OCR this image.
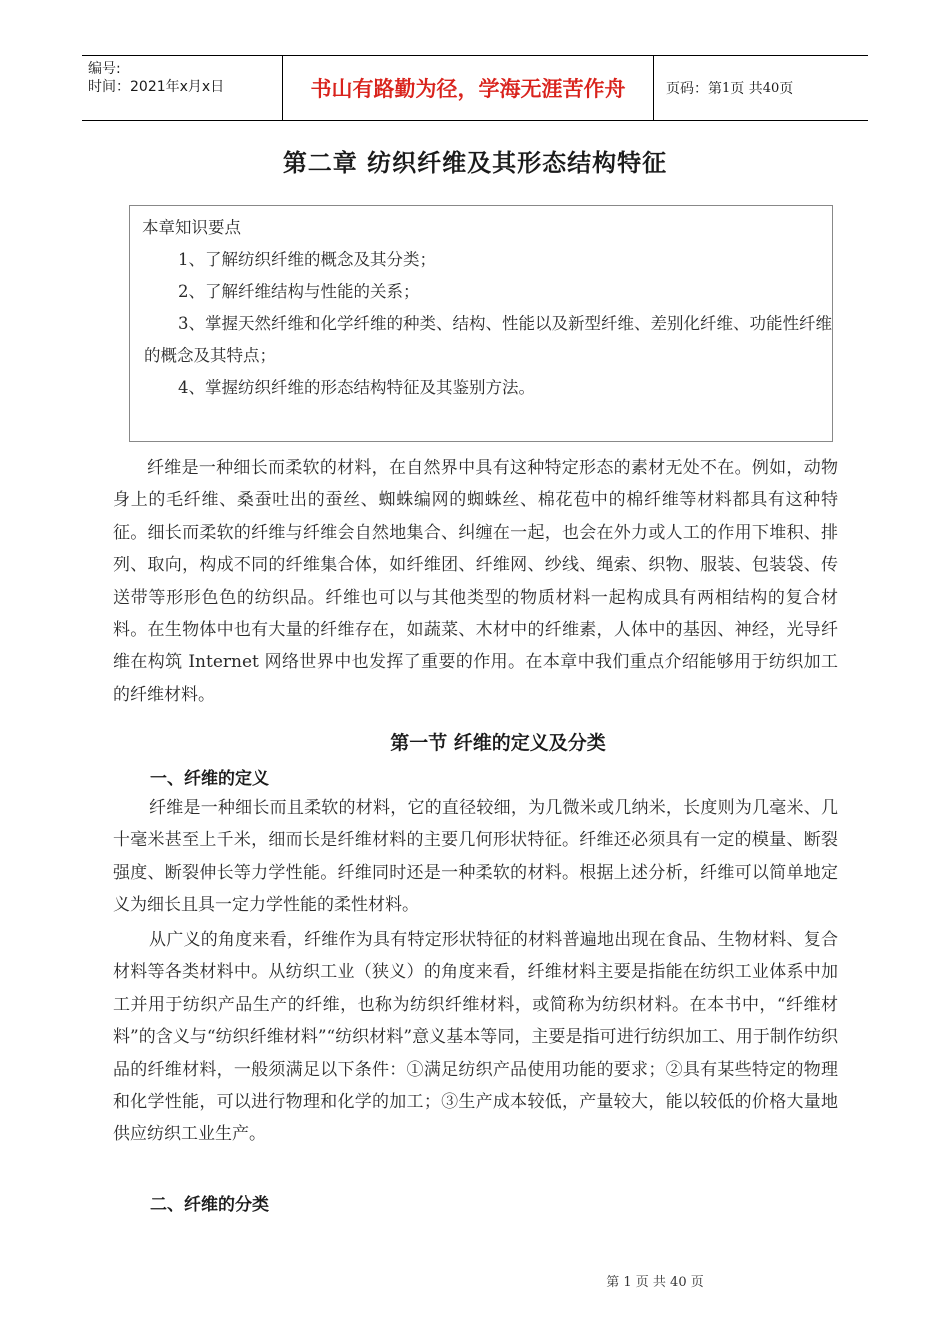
编号:
时间：2021年x月x日	书山有路勤为径，学海无涯苦作舟	页码：第 1 页 共 40 页
第二章 纺织纤维及其形态结构特征
本章知识要点
1、了解纺织纤维的概念及其分类；
2、了解纤维结构与性能的关系；
3、掌握天然纤维和化学纤维的种类、结构、性能以及新型纤维、差别化纤维、功能性纤维的概念及其特点；
4、掌握纺织纤维的形态结构特征及其鉴别方法。
纤维是一种细长而柔软的材料，在自然界中具有这种特定形态的素材无处不在。例如，动物身上的毛纤维、桑蚕吐出的蚕丝、蜘蛛编网的蜘蛛丝、棉花苞中的棉纤维等材料都具有这种特征。细长而柔软的纤维与纤维会自然地集合、纠缠在一起，也会在外力或人工的作用下堆积、排列、取向，构成不同的纤维集合体，如纤维团、纤维网、纱线、绳索、织物、服装、包装袋、传送带等形形色色的纺织品。纤维也可以与其他类型的物质材料一起构成具有两相结构的复合材料。在生物体中也有大量的纤维存在，如蔬菜、木材中的纤维素，人体中的基因、神经，光导纤维在构筑 Internet 网络世界中也发挥了重要的作用。在本章中我们重点介绍能够用于纺织加工的纤维材料。
第一节 纤维的定义及分类
一、纤维的定义
纤维是一种细长而且柔软的材料，它的直径较细，为几微米或几纳米，长度则为几毫米、几十毫米甚至上千米，细而长是纤维材料的主要几何形状特征。纤维还必须具有一定的模量、断裂强度、断裂伸长等力学性能。纤维同时还是一种柔软的材料。根据上述分析，纤维可以简单地定义为细长且具一定力学性能的柔性材料。
从广义的角度来看，纤维作为具有特定形状特征的材料普遍地出现在食品、生物材料、复合材料等各类材料中。从纺织工业（狭义）的角度来看，纤维材料主要是指能在纺织工业体系中加工并用于纺织产品生产的纤维，也称为纺织纤维材料，或简称为纺织材料。在本书中，“纤维材料”的含义与“纺织纤维材料”“纺织材料”意义基本等同，主要是指可进行纺织加工、用于制作纺织品的纤维材料，一般须满足以下条件：①满足纺织产品使用功能的要求；②具有某些特定的物理和化学性能，可以进行物理和化学的加工；③生产成本较低，产量较大，能以较低的价格大量地供应纺织工业生产。
二、纤维的分类
第 1 页 共 40 页
